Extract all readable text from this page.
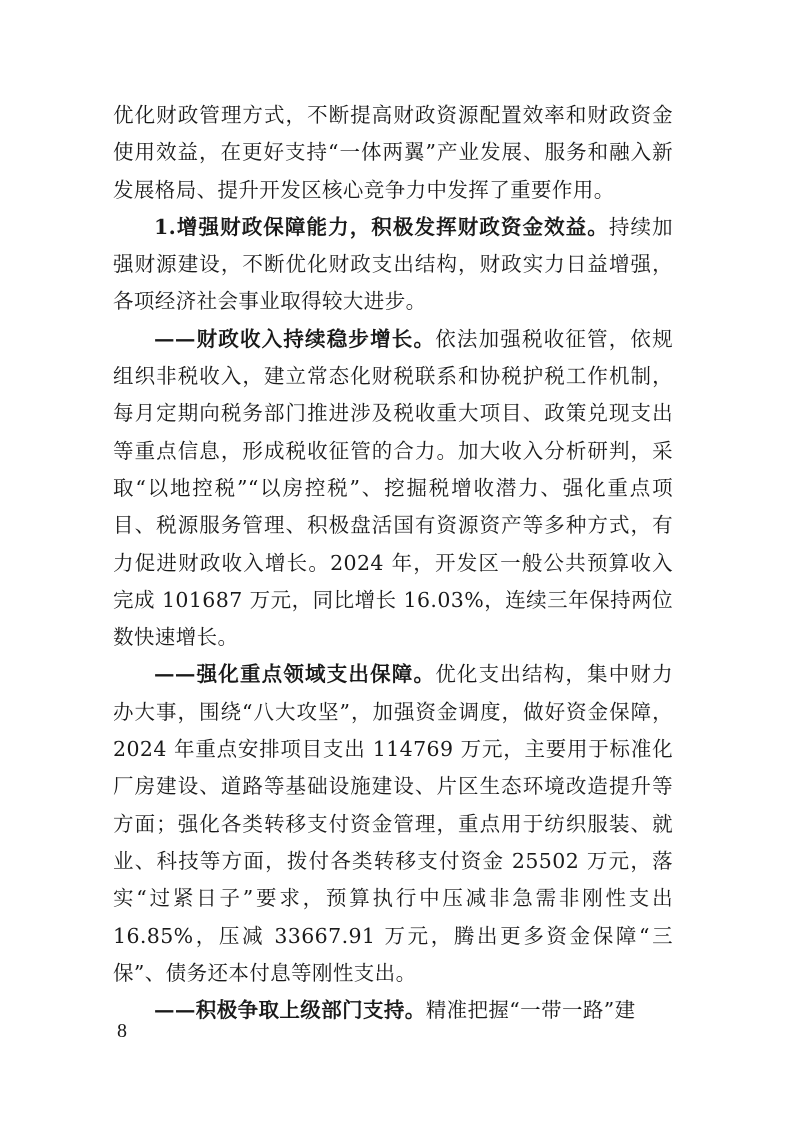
优化财政管理方式，不断提高财政资源配置效率和财政资金使用效益，在更好支持“一体两翼”产业发展、服务和融入新发展格局、提升开发区核心竞争力中发挥了重要作用。

1.增强财政保障能力，积极发挥财政资金效益。持续加强财源建设，不断优化财政支出结构，财政实力日益增强，各项经济社会事业取得较大进步。

——财政收入持续稳步增长。依法加强税收征管，依规组织非税收入，建立常态化财税联系和协税护税工作机制，每月定期向税务部门推进涉及税收重大项目、政策兑现支出等重点信息，形成税收征管的合力。加大收入分析研判，采取“以地控税”“以房控税”、挖掘税增收潜力、强化重点项目、税源服务管理、积极盘活国有资源资产等多种方式，有力促进财政收入增长。2024 年，开发区一般公共预算收入完成 101687 万元，同比增长 16.03%，连续三年保持两位数快速增长。

——强化重点领域支出保障。优化支出结构，集中财力办大事，围绕“八大攻坚”，加强资金调度，做好资金保障，2024 年重点安排项目支出 114769 万元，主要用于标准化厂房建设、道路等基础设施建设、片区生态环境改造提升等方面；强化各类转移支付资金管理，重点用于纺织服装、就业、科技等方面，拨付各类转移支付资金 25502 万元，落实“过紧日子”要求，预算执行中压减非急需非刚性支出 16.85%，压减 33667.91 万元，腾出更多资金保障“三保”、债务还本付息等刚性支出。

——积极争取上级部门支持。精准把握“一带一路”建

8
